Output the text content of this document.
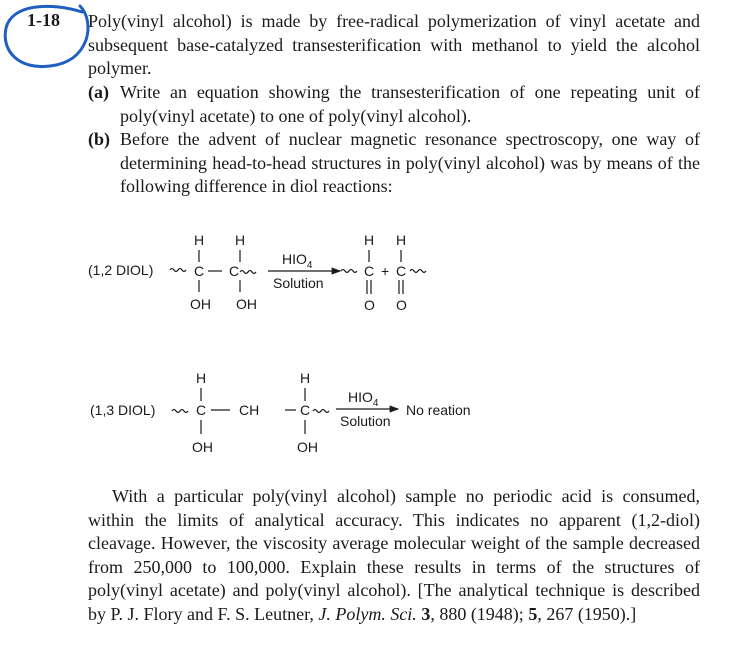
1-18 Poly(vinyl alcohol) is made by free-radical polymerization of vinyl acetate and subsequent base-catalyzed transesterification with methanol to yield the alcohol polymer.
(a) Write an equation showing the transesterification of one repeating unit of poly(vinyl acetate) to one of poly(vinyl alcohol).
(b) Before the advent of nuclear magnetic resonance spectroscopy, one way of determining head-to-head structures in poly(vinyl alcohol) was by means of the following difference in diol reactions:
(1,2 DIOL)
H
C
OH
H
C
OH
$HIO_4$
Solution
H
C
O
+
H
C
O
(1,3 DIOL)
H
C
OH
CH
H
C
OH
$HIO_4$
Solution
No reation

With a particular poly(vinyl alcohol) sample no periodic acid is consumed, within the limits of analytical accuracy. This indicates no apparent (1,2-diol) cleavage. However, the viscosity average molecular weight of the sample decreased from 250,000 to 100,000. Explain these results in terms of the structures of poly(vinyl acetate) and poly(vinyl alcohol). [The analytical technique is described by P. J. Flory and F. S. Leutner, J. Polym. Sci. 3, 880 (1948); 5, 267 (1950).]
